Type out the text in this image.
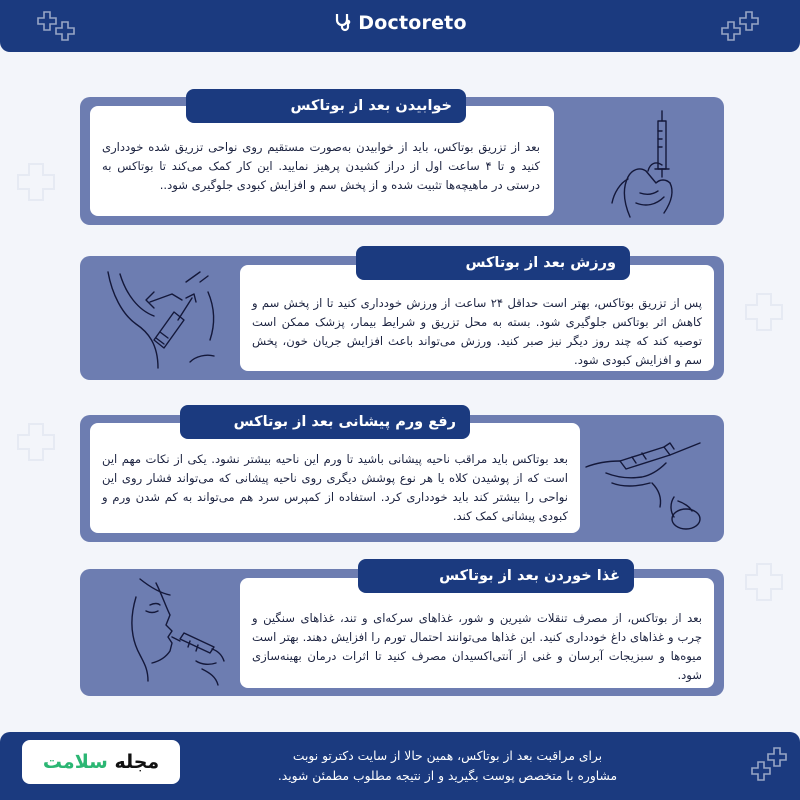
Doctoreto

بعد از تزریق بوتاکس، باید از خوابیدن به‌صورت مستقیم روی نواحی تزریق شده خودداری کنید و تا ۴ ساعت اول از دراز کشیدن پرهیز نمایید. این کار کمک می‌کند تا بوتاکس به درستی در ماهیچه‌ها تثبیت شده و از پخش سم و افزایش کبودی جلوگیری شود..

خوابیدن بعد از بوتاکس

پس از تزریق بوتاکس، بهتر است حداقل ۲۴ ساعت از ورزش خودداری کنید تا از پخش سم و کاهش اثر بوتاکس جلوگیری شود. بسته به محل تزریق و شرایط بیمار، پزشک ممکن است توصیه کند که چند روز دیگر نیز صبر کنید. ورزش می‌تواند باعث افزایش جریان خون، پخش سم و افزایش کبودی شود.

ورزش بعد از بوتاکس

بعد بوتاکس باید مراقب ناحیه پیشانی باشید تا ورم این ناحیه بیشتر نشود. یکی از نکات مهم این است که از پوشیدن کلاه یا هر نوع پوشش دیگری روی ناحیه پیشانی که می‌تواند فشار روی این نواحی را بیشتر کند باید خودداری کرد. استفاده از کمپرس سرد هم می‌تواند به کم شدن ورم و کبودی پیشانی کمک کند.

رفع ورم پیشانی بعد از بوتاکس

بعد از بوتاکس، از مصرف تنقلات شیرین و شور، غذاهای سرکه‌ای و تند، غذاهای سنگین و چرب و غذاهای داغ خودداری کنید. این غذاها می‌توانند احتمال تورم را افزایش دهند. بهتر است میوه‌ها و سبزیجات آبرسان و غنی از آنتی‌اکسیدان مصرف کنید تا اثرات درمان بهینه‌سازی شود.

غذا خوردن بعد از بوتاکس
مجله سلامت	برای مراقبت بعد از بوتاکس، همین حالا از سایت دکترتو نوبت
مشاوره با متخصص پوست بگیرید و از نتیجه مطلوب مطمئن شوید.
